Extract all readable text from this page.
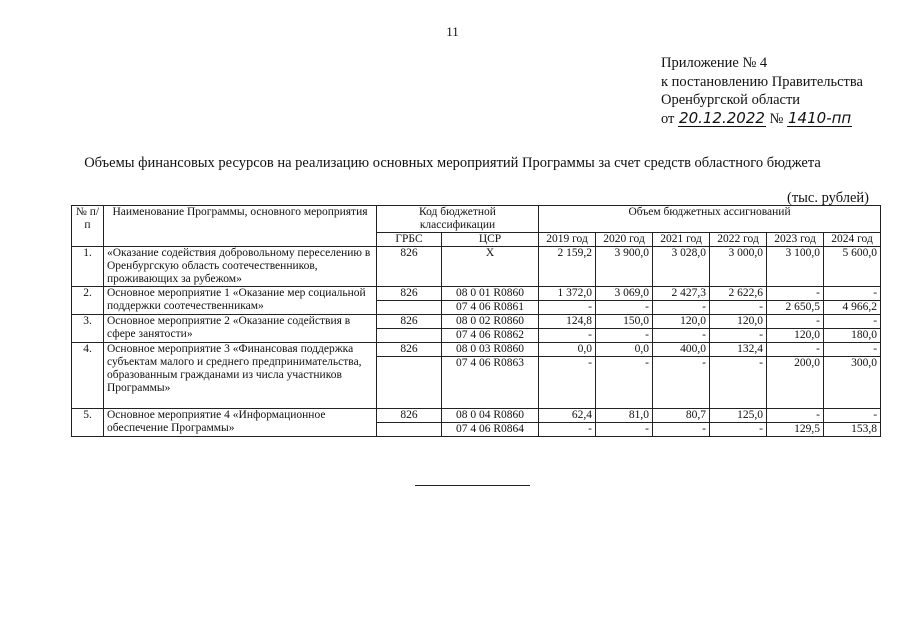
11
Приложение № 4
к постановлению Правительства
Оренбургской области
от 20.12.2022 № 1410-пп
Объемы финансовых ресурсов на реализацию основных мероприятий Программы за счет средств областного бюджета
(тыс. рублей)
№ п/п	Наименование Программы, основного мероприятия	Код бюджетной классификации		Объем бюджетных ассигнований					
		ГРБС	ЦСР	2019 год	2020 год	2021 год	2022 год	2023 год	2024 год
1.	«Оказание содействия добровольному переселению в Оренбургскую область соотечественников, проживающих за рубежом»	826	Х	2 159,2	3 900,0	3 028,0	3 000,0	3 100,0	5 600,0
2.	Основное мероприятие 1 «Оказание мер социальной поддержки соотечественникам»	826	08 0 01 R0860	1 372,0	3 069,0	2 427,3	2 622,6	-	-
			07 4 06 R0861	-	-	-	-	2 650,5	4 966,2
3.	Основное мероприятие 2 «Оказание содействия в сфере занятости»	826	08 0 02 R0860	124,8	150,0	120,0	120,0	-	-
			07 4 06 R0862	-	-	-	-	120,0	180,0
4.	Основное мероприятие 3 «Финансовая поддержка субъектам малого и среднего предпринимательства, образованным гражданами из числа участников Программы»	826	08 0 03 R0860	0,0	0,0	400,0	132,4	-	-
			07 4 06 R0863	-	-	-	-	200,0	300,0
5.	Основное мероприятие 4 «Информационное обеспечение Программы»	826	08 0 04 R0860	62,4	81,0	80,7	125,0	-	-
			07 4 06 R0864	-	-	-	-	129,5	153,8
